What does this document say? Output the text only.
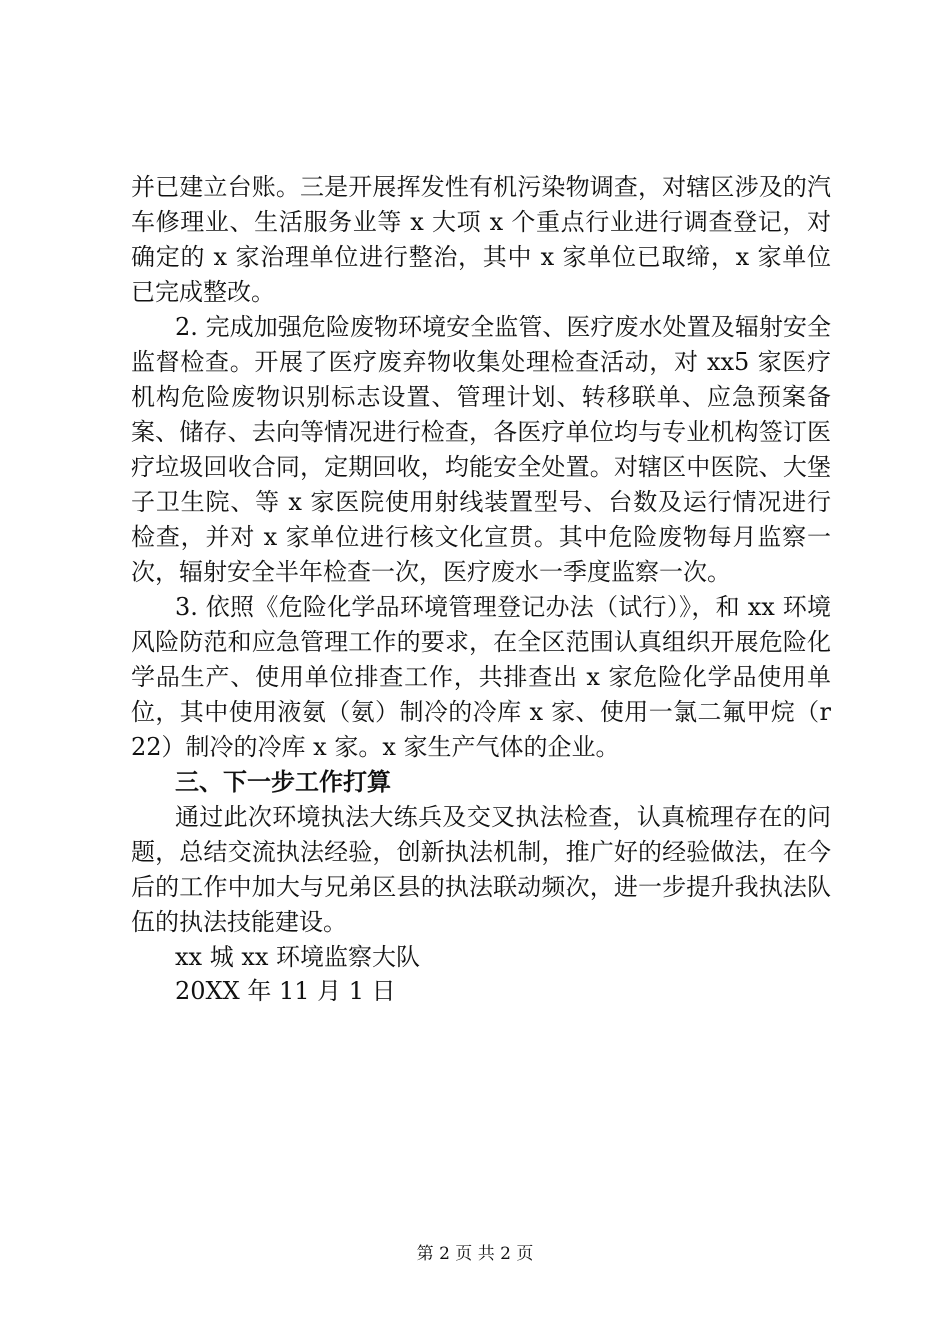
并已建立台账。三是开展挥发性有机污染物调查，对辖区涉及的汽车修理业、生活服务业等 x 大项 x 个重点行业进行调查登记，对确定的 x 家治理单位进行整治，其中 x 家单位已取缔，x 家单位已完成整改。

2. 完成加强危险废物环境安全监管、医疗废水处置及辐射安全监督检查。开展了医疗废弃物收集处理检查活动，对 xx5 家医疗机构危险废物识别标志设置、管理计划、转移联单、应急预案备案、储存、去向等情况进行检查，各医疗单位均与专业机构签订医疗垃圾回收合同，定期回收，均能安全处置。对辖区中医院、大堡子卫生院、等 x 家医院使用射线装置型号、台数及运行情况进行检查，并对 x 家单位进行核文化宣贯。其中危险废物每月监察一次，辐射安全半年检查一次，医疗废水一季度监察一次。

3. 依照《危险化学品环境管理登记办法（试行）》，和 xx 环境风险防范和应急管理工作的要求，在全区范围认真组织开展危险化学品生产、使用单位排查工作，共排查出 x 家危险化学品使用单位，其中使用液氨（氨）制冷的冷库 x 家、使用一氯二氟甲烷（r22）制冷的冷库 x 家。x 家生产气体的企业。

三、下一步工作打算

通过此次环境执法大练兵及交叉执法检查，认真梳理存在的问题，总结交流执法经验，创新执法机制，推广好的经验做法，在今后的工作中加大与兄弟区县的执法联动频次，进一步提升我执法队伍的执法技能建设。

xx 城 xx 环境监察大队

20XX 年 11 月 1 日

第 2 页 共 2 页
